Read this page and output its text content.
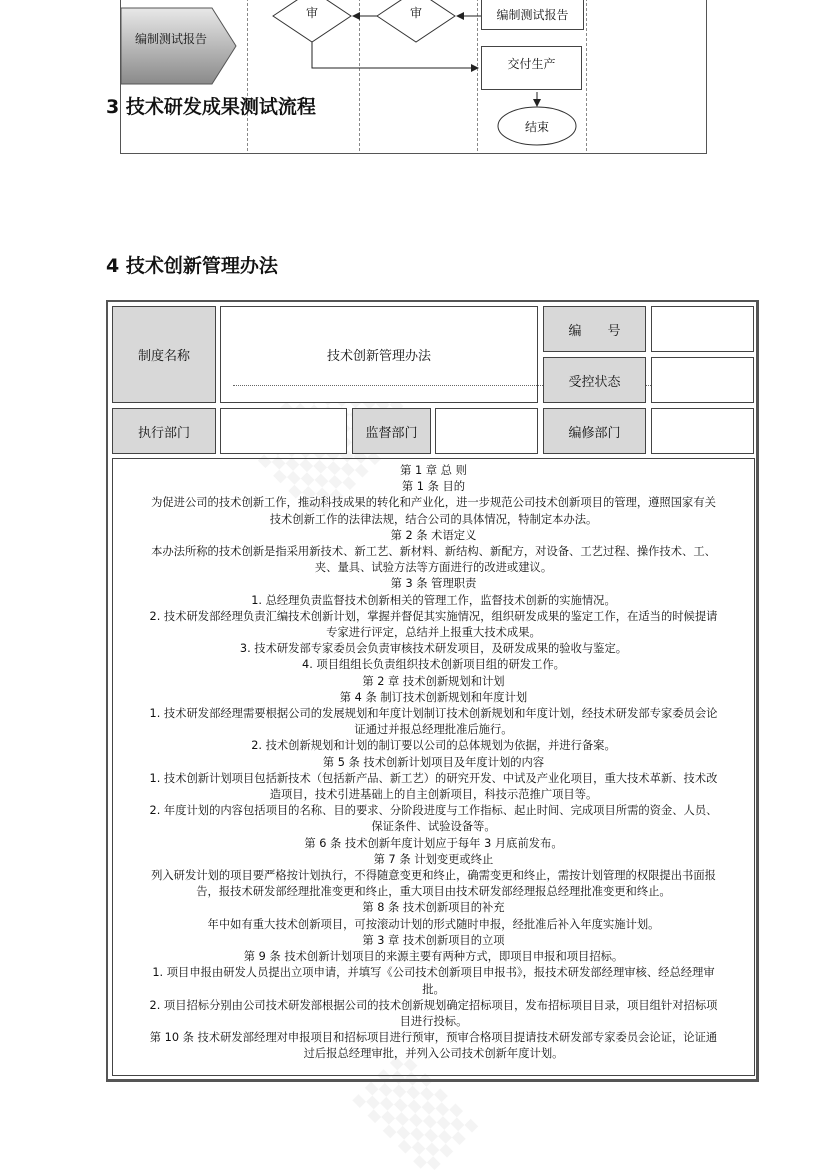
编制测试报告
审	审	编制测试报告
交付生产
结束
3 技术研发成果测试流程
4 技术创新管理办法
制度名称	技术创新管理办法
编　　号
受控状态
执行部门	监督部门	编修部门
第 1 章 总 则
第 1 条 目的
为促进公司的技术创新工作，推动科技成果的转化和产业化，进一步规范公司技术创新项目的管理，遵照国家有关
技术创新工作的法律法规，结合公司的具体情况，特制定本办法。
第 2 条 术语定义
本办法所称的技术创新是指采用新技术、新工艺、新材料、新结构、新配方，对设备、工艺过程、操作技术、工、
夹、量具、试验方法等方面进行的改进或建议。
第 3 条 管理职责
1. 总经理负责监督技术创新相关的管理工作，监督技术创新的实施情况。
2. 技术研发部经理负责汇编技术创新计划，掌握并督促其实施情况，组织研发成果的鉴定工作，在适当的时候提请
专家进行评定，总结并上报重大技术成果。
3. 技术研发部专家委员会负责审核技术研发项目，及研发成果的验收与鉴定。
4. 项目组组长负责组织技术创新项目组的研发工作。
第 2 章 技术创新规划和计划
第 4 条 制订技术创新规划和年度计划
1. 技术研发部经理需要根据公司的发展规划和年度计划制订技术创新规划和年度计划，经技术研发部专家委员会论
证通过并报总经理批准后施行。
2. 技术创新规划和计划的制订要以公司的总体规划为依据，并进行备案。
第 5 条 技术创新计划项目及年度计划的内容
1. 技术创新计划项目包括新技术（包括新产品、新工艺）的研究开发、中试及产业化项目，重大技术革新、技术改
造项目，技术引进基础上的自主创新项目，科技示范推广项目等。
2. 年度计划的内容包括项目的名称、目的要求、分阶段进度与工作指标、起止时间、完成项目所需的资金、人员、
保证条件、试验设备等。
第 6 条 技术创新年度计划应于每年 3 月底前发布。
第 7 条 计划变更或终止
列入研发计划的项目要严格按计划执行，不得随意变更和终止，确需变更和终止，需按计划管理的权限提出书面报
告，报技术研发部经理批准变更和终止，重大项目由技术研发部经理报总经理批准变更和终止。
第 8 条 技术创新项目的补充
年中如有重大技术创新项目，可按滚动计划的形式随时申报，经批准后补入年度实施计划。
第 3 章 技术创新项目的立项
第 9 条 技术创新计划项目的来源主要有两种方式，即项目申报和项目招标。
1. 项目申报由研发人员提出立项申请，并填写《公司技术创新项目申报书》，报技术研发部经理审核、经总经理审
批。
2. 项目招标分别由公司技术研发部根据公司的技术创新规划确定招标项目，发布招标项目目录，项目组针对招标项
目进行投标。
第 10 条 技术研发部经理对申报项目和招标项目进行预审，预审合格项目提请技术研发部专家委员会论证，论证通
过后报总经理审批，并列入公司技术创新年度计划。
